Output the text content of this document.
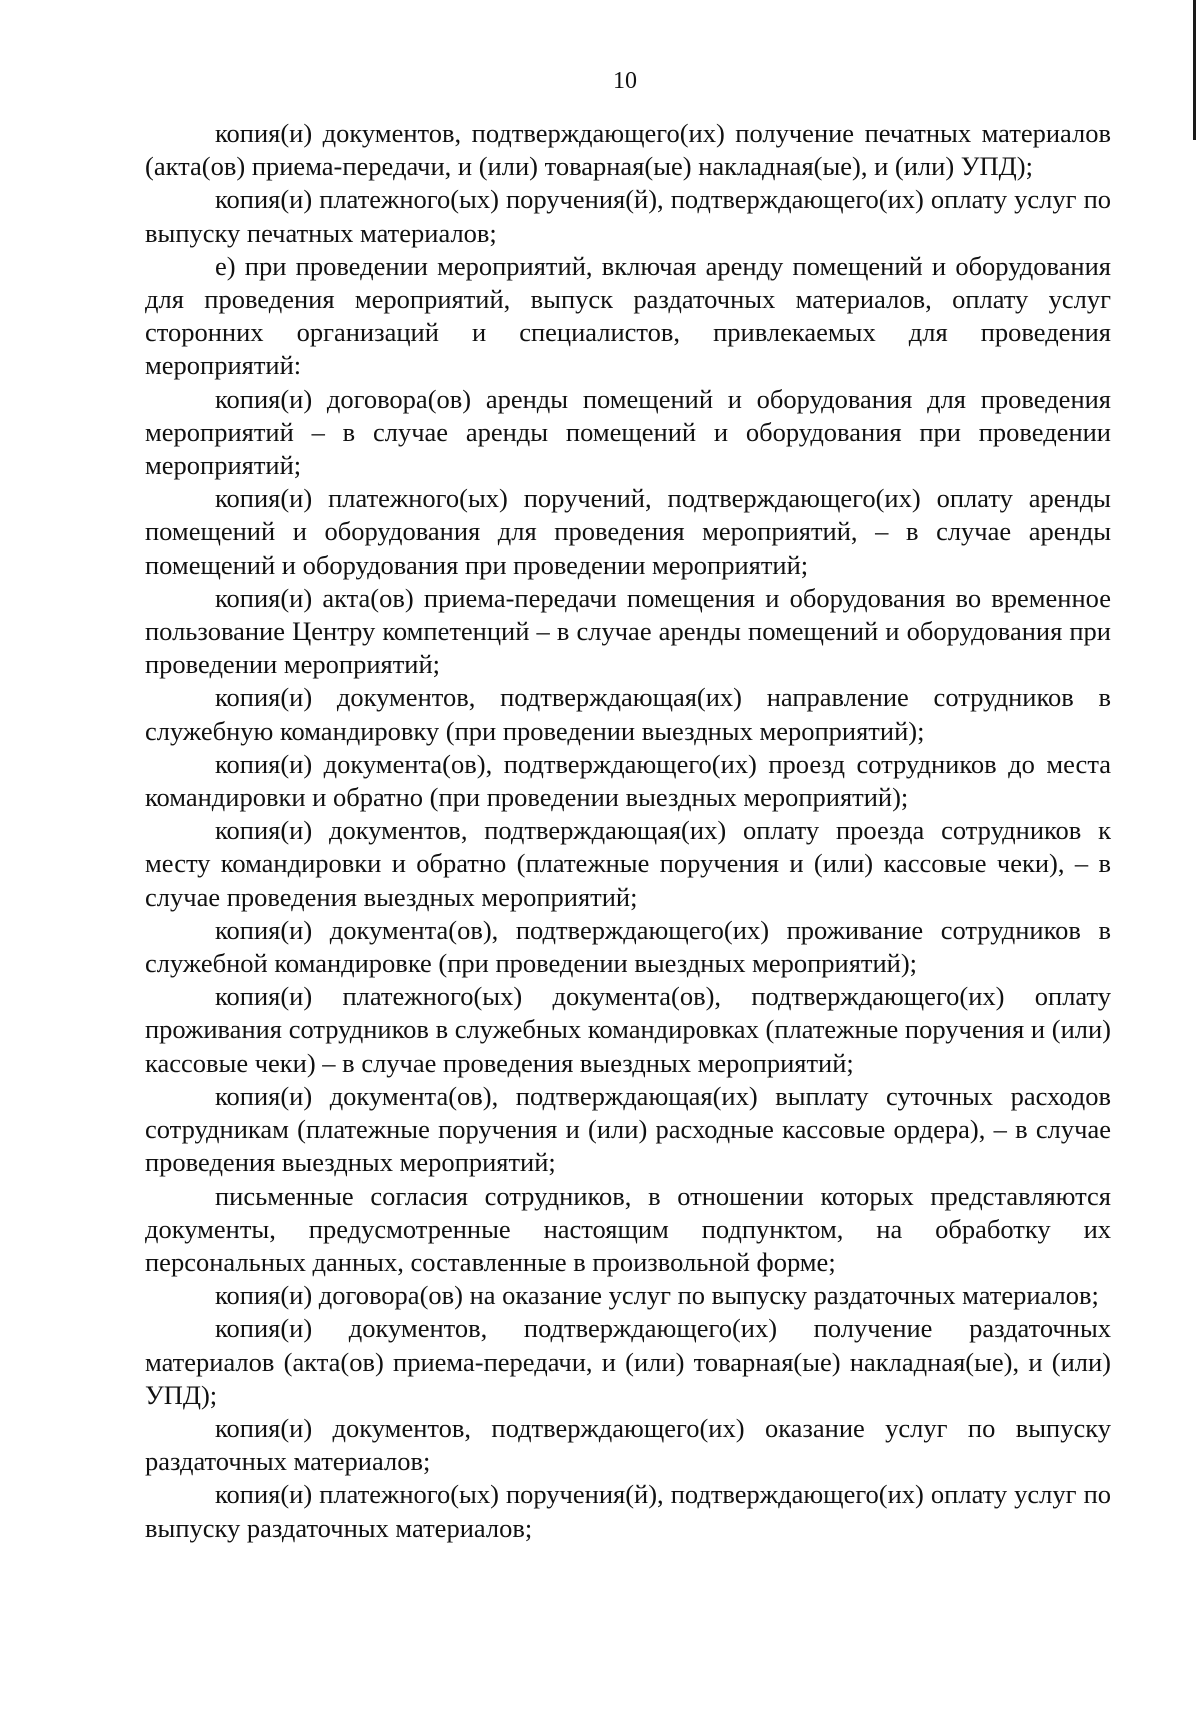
10

копия(и) документов, подтверждающего(их) получение печатных материалов (акта(ов) приема-передачи, и (или) товарная(ые) накладная(ые), и (или) УПД);

копия(и) платежного(ых) поручения(й), подтверждающего(их) оплату услуг по выпуску печатных материалов;

е) при проведении мероприятий, включая аренду помещений и оборудования для проведения мероприятий, выпуск раздаточных материалов, оплату услуг сторонних организаций и специалистов, привлекаемых для проведения мероприятий:

копия(и) договора(ов) аренды помещений и оборудования для проведения мероприятий – в случае аренды помещений и оборудования при проведении мероприятий;

копия(и) платежного(ых) поручений, подтверждающего(их) оплату аренды помещений и оборудования для проведения мероприятий, – в случае аренды помещений и оборудования при проведении мероприятий;

копия(и) акта(ов) приема-передачи помещения и оборудования во временное пользование Центру компетенций – в случае аренды помещений и оборудования при проведении мероприятий;

копия(и) документов, подтверждающая(их) направление сотрудников в служебную командировку (при проведении выездных мероприятий);

копия(и) документа(ов), подтверждающего(их) проезд сотрудников до места командировки и обратно (при проведении выездных мероприятий);

копия(и) документов, подтверждающая(их) оплату проезда сотрудников к месту командировки и обратно (платежные поручения и (или) кассовые чеки), – в случае проведения выездных мероприятий;

копия(и) документа(ов), подтверждающего(их) проживание сотрудников в служебной командировке (при проведении выездных мероприятий);

копия(и) платежного(ых) документа(ов), подтверждающего(их) оплату проживания сотрудников в служебных командировках (платежные поручения и (или) кассовые чеки) – в случае проведения выездных мероприятий;

копия(и) документа(ов), подтверждающая(их) выплату суточных расходов сотрудникам (платежные поручения и (или) расходные кассовые ордера), – в случае проведения выездных мероприятий;

письменные согласия сотрудников, в отношении которых представляются документы, предусмотренные настоящим подпунктом, на обработку их персональных данных, составленные в произвольной форме;

копия(и) договора(ов) на оказание услуг по выпуску раздаточных материалов;

копия(и) документов, подтверждающего(их) получение раздаточных материалов (акта(ов) приема-передачи, и (или) товарная(ые) накладная(ые), и (или) УПД);

копия(и) документов, подтверждающего(их) оказание услуг по выпуску раздаточных материалов;

копия(и) платежного(ых) поручения(й), подтверждающего(их) оплату услуг по выпуску раздаточных материалов;
